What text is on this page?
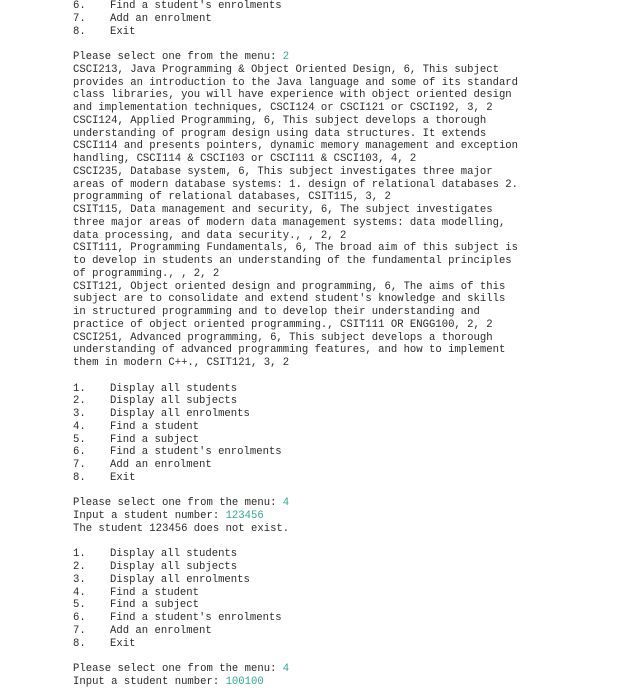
6. Find a student's enrolments
7. Add an enrolment
8. Exit
Please select one from the menu: 2
CSCI213, Java Programming & Object Oriented Design, 6, This subject
provides an introduction to the Java language and some of its standard
class libraries, you will have experience with object oriented design
and implementation techniques, CSCI124 or CSCI121 or CSCI192, 3, 2
CSCI124, Applied Programming, 6, This subject develops a thorough
understanding of program design using data structures. It extends
CSCI114 and presents pointers, dynamic memory management and exception
handling, CSCI114 & CSCI103 or CSCI111 & CSCI103, 4, 2
CSCI235, Database system, 6, This subject investigates three major
areas of modern database systems: 1. design of relational databases 2.
programming of relational databases, CSIT115, 3, 2
CSIT115, Data management and security, 6, The subject investigates
three major areas of modern data management systems: data modelling,
data processing, and data security., , 2, 2
CSIT111, Programming Fundamentals, 6, The broad aim of this subject is
to develop in students an understanding of the fundamental principles
of programming., , 2, 2
CSIT121, Object oriented design and programming, 6, The aims of this
subject are to consolidate and extend student's knowledge and skills
in structured programming and to develop their understanding and
practice of object oriented programming., CSIT111 OR ENGG100, 2, 2
CSCI251, Advanced programming, 6, This subject develops a thorough
understanding of advanced programming features, and how to implement
them in modern C++., CSIT121, 3, 2
1. Display all students
2. Display all subjects
3. Display all enrolments
4. Find a student
5. Find a subject
6. Find a student's enrolments
7. Add an enrolment
8. Exit
Please select one from the menu: 4
Input a student number: 123456
The student 123456 does not exist.
1. Display all students
2. Display all subjects
3. Display all enrolments
4. Find a student
5. Find a subject
6. Find a student's enrolments
7. Add an enrolment
8. Exit
Please select one from the menu: 4
Input a student number: 100100
